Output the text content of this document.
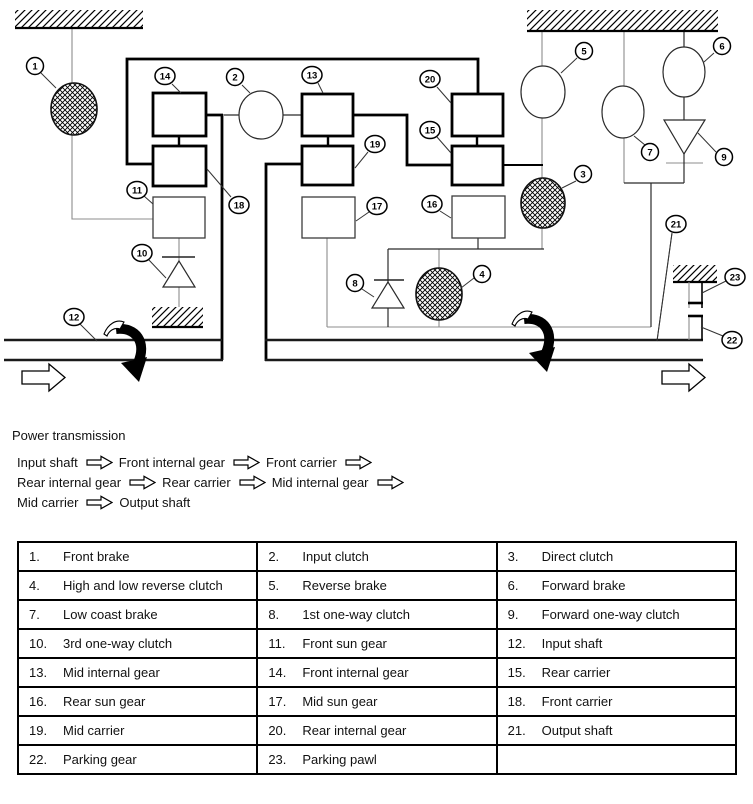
1
2
3
4
5	6
7
8
9
10
11
12
13
14
15
16
17
18
19
20
21
22
23
Power transmission
Input shaft	Front internal gear	Front carrier
Rear internal gear	Rear carrier	Mid internal gear
Mid carrier	Output shaft
1. Front brake	2. Input clutch	3. Direct clutch
4. High and low reverse clutch	5. Reverse brake	6. Forward brake
7. Low coast brake	8. 1st one-way clutch	9. Forward one-way clutch
10. 3rd one-way clutch	11. Front sun gear	12. Input shaft
13. Mid internal gear	14. Front internal gear	15. Rear carrier
16. Rear sun gear	17. Mid sun gear	18. Front carrier
19. Mid carrier	20. Rear internal gear	21. Output shaft
22. Parking gear	23. Parking pawl	
